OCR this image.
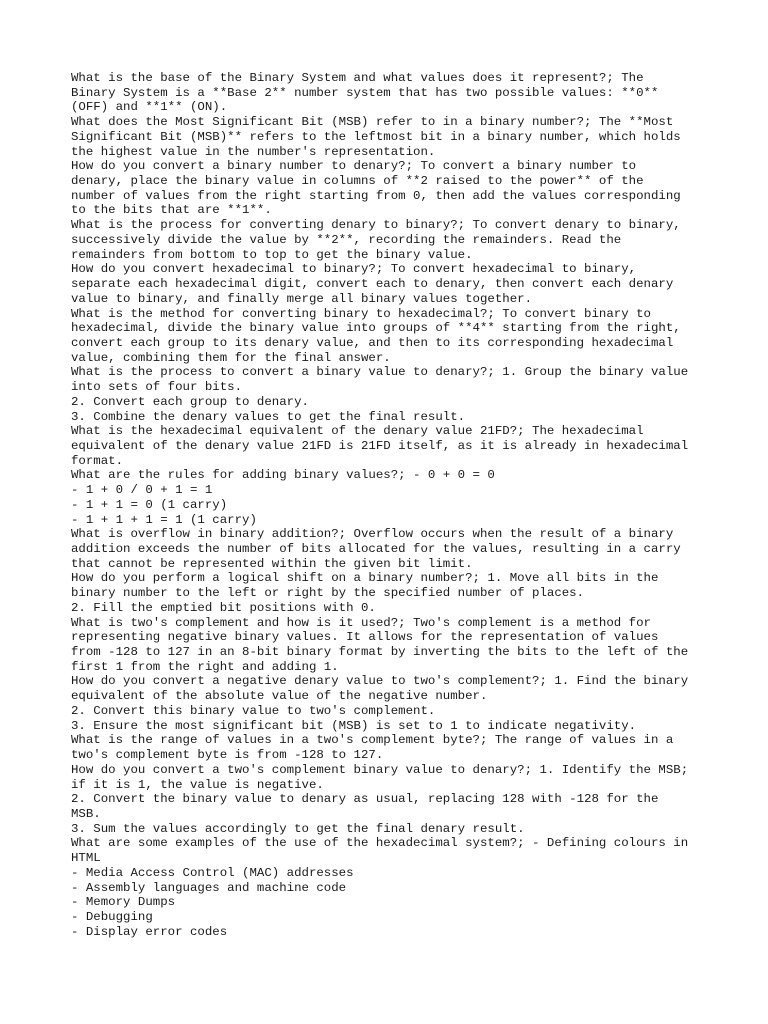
What is the base of the Binary System and what values does it represent?; The
Binary System is a **Base 2** number system that has two possible values: **0**
(OFF) and **1** (ON).
What does the Most Significant Bit (MSB) refer to in a binary number?; The **Most
Significant Bit (MSB)** refers to the leftmost bit in a binary number, which holds
the highest value in the number's representation.
How do you convert a binary number to denary?; To convert a binary number to
denary, place the binary value in columns of **2 raised to the power** of the
number of values from the right starting from 0, then add the values corresponding
to the bits that are **1**.
What is the process for converting denary to binary?; To convert denary to binary,
successively divide the value by **2**, recording the remainders. Read the
remainders from bottom to top to get the binary value.
How do you convert hexadecimal to binary?; To convert hexadecimal to binary,
separate each hexadecimal digit, convert each to denary, then convert each denary
value to binary, and finally merge all binary values together.
What is the method for converting binary to hexadecimal?; To convert binary to
hexadecimal, divide the binary value into groups of **4** starting from the right,
convert each group to its denary value, and then to its corresponding hexadecimal
value, combining them for the final answer.
What is the process to convert a binary value to denary?; 1. Group the binary value
into sets of four bits.
2. Convert each group to denary.
3. Combine the denary values to get the final result.
What is the hexadecimal equivalent of the denary value 21FD?; The hexadecimal
equivalent of the denary value 21FD is 21FD itself, as it is already in hexadecimal
format.
What are the rules for adding binary values?; - 0 + 0 = 0
- 1 + 0 / 0 + 1 = 1
- 1 + 1 = 0 (1 carry)
- 1 + 1 + 1 = 1 (1 carry)
What is overflow in binary addition?; Overflow occurs when the result of a binary
addition exceeds the number of bits allocated for the values, resulting in a carry
that cannot be represented within the given bit limit.
How do you perform a logical shift on a binary number?; 1. Move all bits in the
binary number to the left or right by the specified number of places.
2. Fill the emptied bit positions with 0.
What is two's complement and how is it used?; Two's complement is a method for
representing negative binary values. It allows for the representation of values
from -128 to 127 in an 8-bit binary format by inverting the bits to the left of the
first 1 from the right and adding 1.
How do you convert a negative denary value to two's complement?; 1. Find the binary
equivalent of the absolute value of the negative number.
2. Convert this binary value to two's complement.
3. Ensure the most significant bit (MSB) is set to 1 to indicate negativity.
What is the range of values in a two's complement byte?; The range of values in a
two's complement byte is from -128 to 127.
How do you convert a two's complement binary value to denary?; 1. Identify the MSB;
if it is 1, the value is negative.
2. Convert the binary value to denary as usual, replacing 128 with -128 for the
MSB.
3. Sum the values accordingly to get the final denary result.
What are some examples of the use of the hexadecimal system?; - Defining colours in
HTML
- Media Access Control (MAC) addresses
- Assembly languages and machine code
- Memory Dumps
- Debugging
- Display error codes
